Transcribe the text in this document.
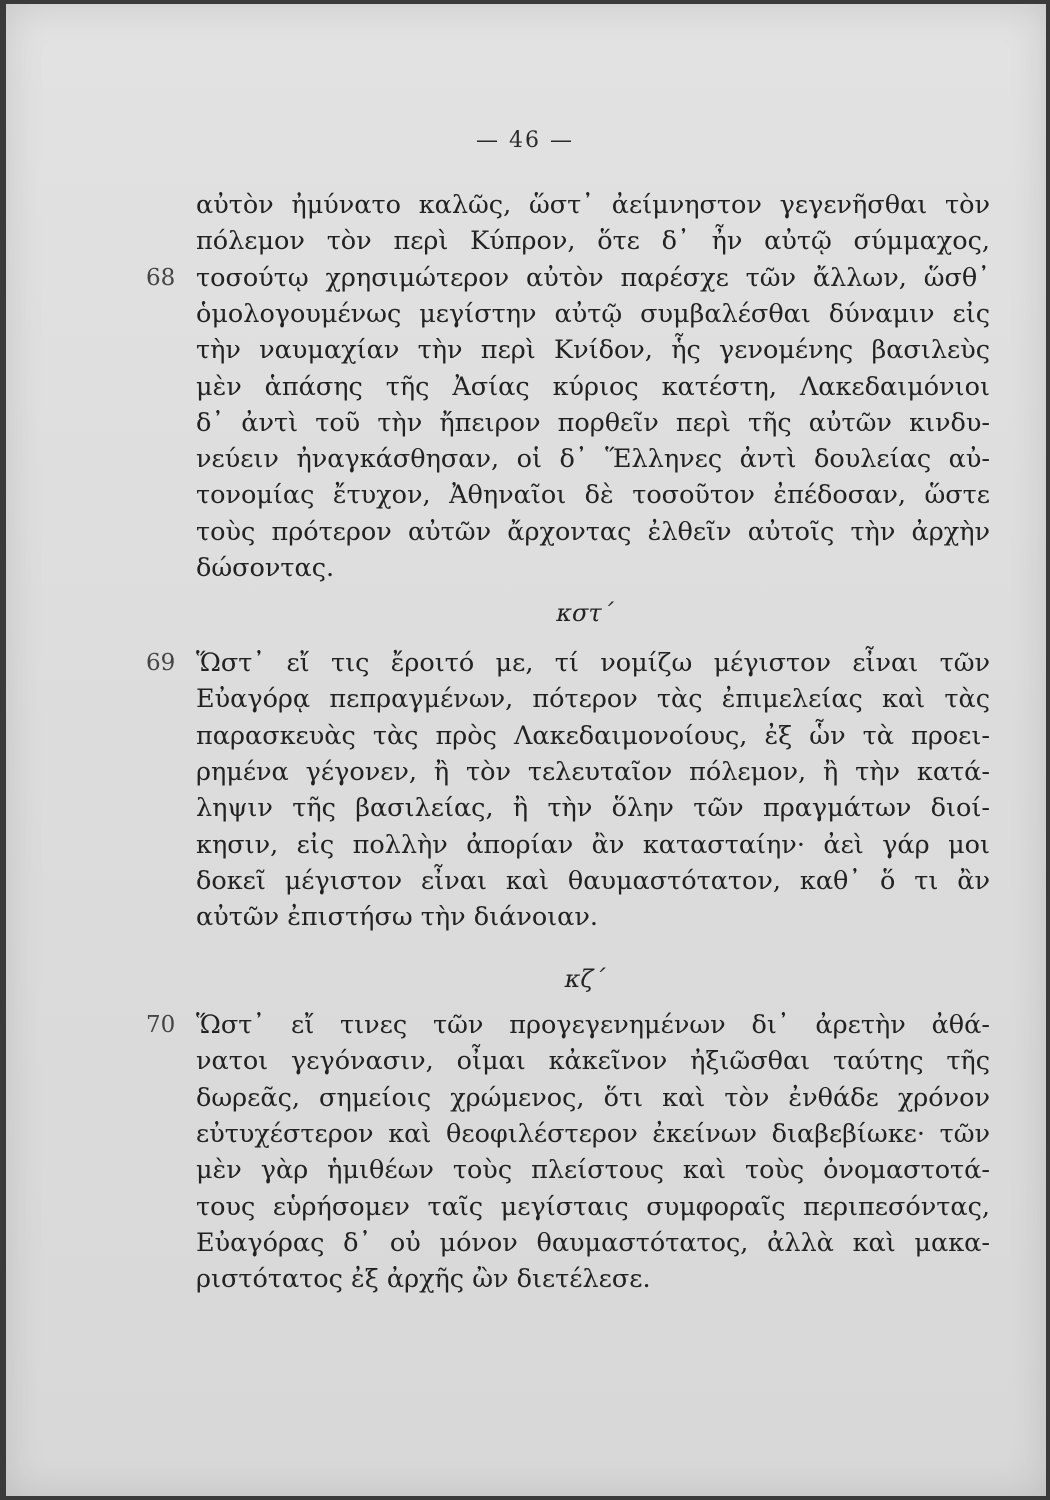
— 46 —
αὐτὸν ἠμύνατο καλῶς, ὥστ᾽ ἀείμνηστον γεγενῆσθαι τὸν
πόλεμον τὸν περὶ Κύπρον, ὅτε δ᾽ ἦν αὐτῷ σύμμαχος,
τοσούτῳ χρησιμώτερον αὐτὸν παρέσχε τῶν ἄλλων, ὥσθ᾽
ὁμολογουμένως μεγίστην αὐτῷ συμβαλέσθαι δύναμιν εἰς
τὴν ναυμαχίαν τὴν περὶ Κνίδον, ἧς γενομένης βασιλεὺς
μὲν ἁπάσης τῆς Ἀσίας κύριος κατέστη, Λακεδαιμόνιοι
δ᾽ ἀντὶ τοῦ τὴν ἤπειρον πορθεῖν περὶ τῆς αὐτῶν κινδυ-
νεύειν ἠναγκάσθησαν, οἱ δ᾽ Ἕλληνες ἀντὶ δουλείας αὐ-
τονομίας ἔτυχον, Ἀθηναῖοι δὲ τοσοῦτον ἐπέδοσαν, ὥστε
τοὺς πρότερον αὐτῶν ἄρχοντας ἐλθεῖν αὐτοῖς τὴν ἀρχὴν
δώσοντας.
68
κστ´
Ὥστ᾽ εἴ τις ἔροιτό με, τί νομίζω μέγιστον εἶναι τῶν
Εὐαγόρᾳ πεπραγμένων, πότερον τὰς ἐπιμελείας καὶ τὰς
παρασκευὰς τὰς πρὸς Λακεδαιμονοίους, ἐξ ὧν τὰ προει-
ρημένα γέγονεν, ἢ τὸν τελευταῖον πόλεμον, ἢ τὴν κατά-
ληψιν τῆς βασιλείας, ἢ τὴν ὅλην τῶν πραγμάτων διοί-
κησιν, εἰς πολλὴν ἀπορίαν ἂν κατασταίην· ἀεὶ γάρ μοι
δοκεῖ μέγιστον εἶναι καὶ θαυμαστότατον, καθ᾽ ὅ τι ἂν
αὐτῶν ἐπιστήσω τὴν διάνοιαν.
69
κζ´
Ὥστ᾽ εἴ τινες τῶν προγεγενημένων δι᾽ ἀρετὴν ἀθά-
νατοι γεγόνασιν, οἶμαι κἀκεῖνον ἠξιῶσθαι ταύτης τῆς
δωρεᾶς, σημείοις χρώμενος, ὅτι καὶ τὸν ἐνθάδε χρόνον
εὐτυχέστερον καὶ θεοφιλέστερον ἐκείνων διαβεβίωκε· τῶν
μὲν γὰρ ἡμιθέων τοὺς πλείστους καὶ τοὺς ὀνομαστοτά-
τους εὑρήσομεν ταῖς μεγίσταις συμφοραῖς περιπεσόντας,
Εὐαγόρας δ᾽ οὐ μόνον θαυμαστότατος, ἀλλὰ καὶ μακα-
ριστότατος ἐξ ἀρχῆς ὢν διετέλεσε.
70
